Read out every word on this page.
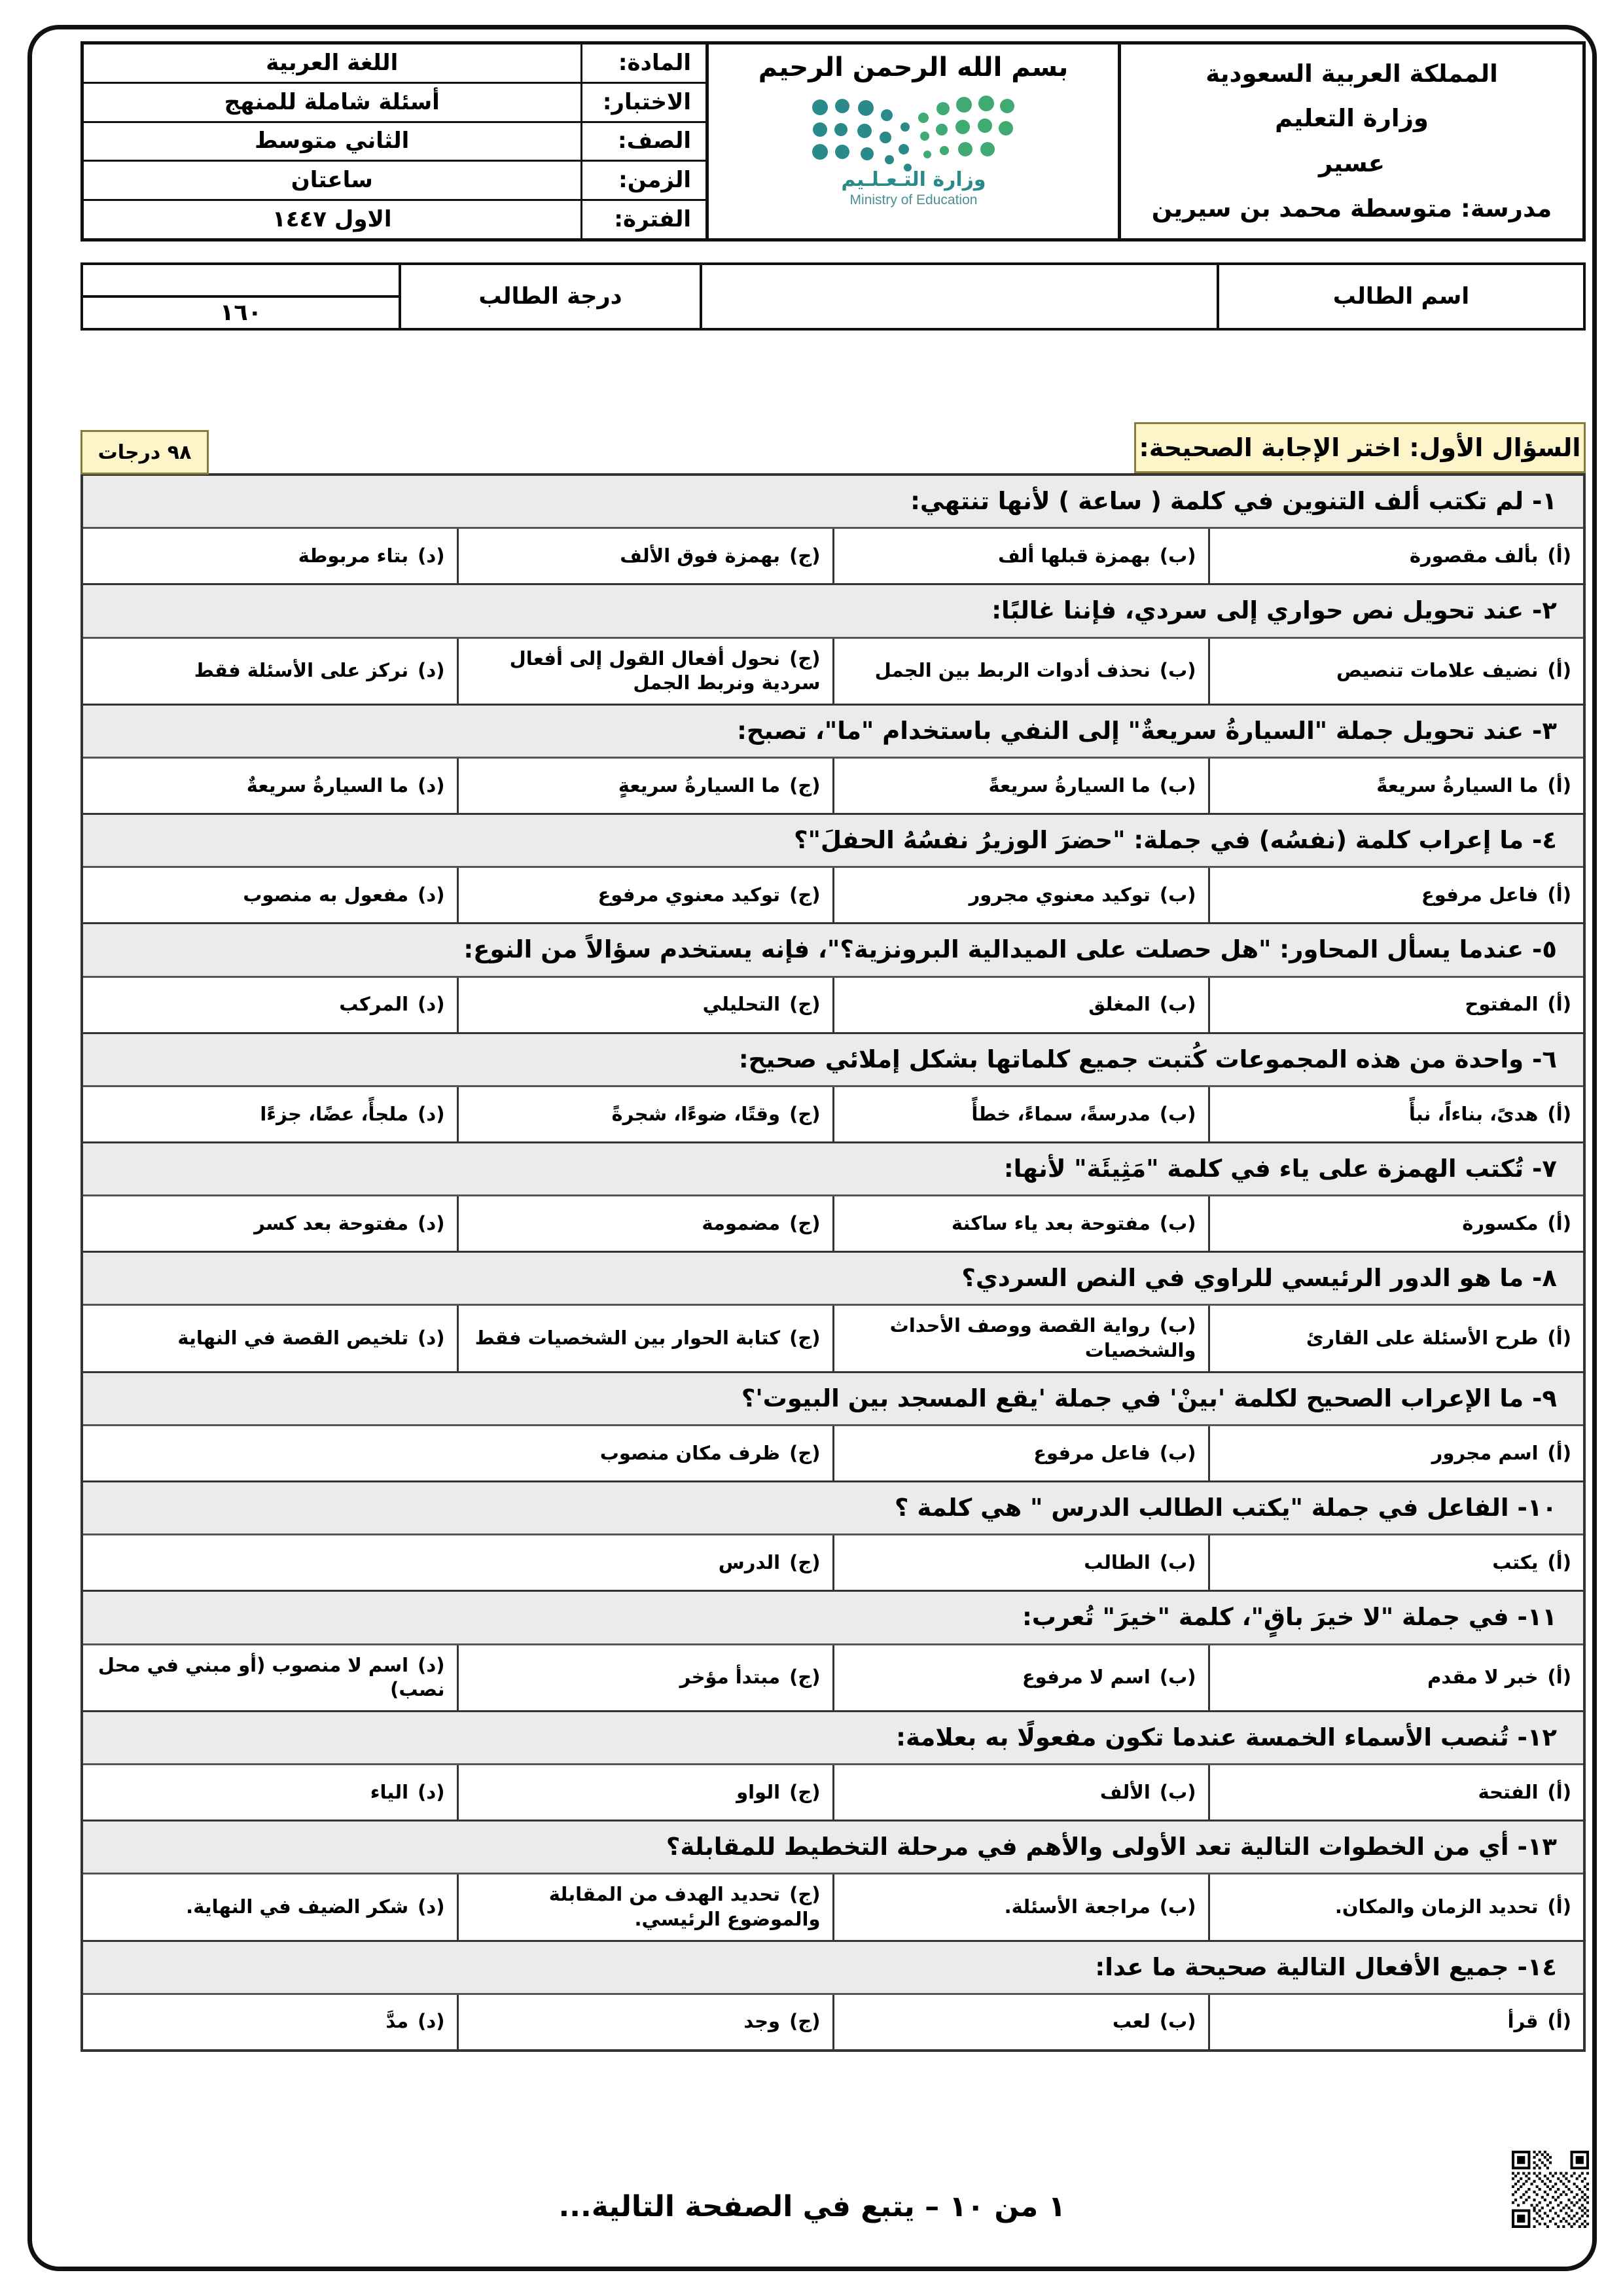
المملكة العربية السعودية
وزارة التعليم
عسير
مدرسة: متوسطة محمد بن سيرين
بسم الله الرحمن الرحيم
وزارة التـعـلـيم
Ministry of Education
المادة:	اللغة العربية
الاختبار:	أسئلة شاملة للمنهج
الصف:	الثاني متوسط
الزمن:	ساعتان
الفترة:	الاول ١٤٤٧
اسم الطالب		درجة الطالب	
١٦٠
السؤال الأول: اختر الإجابة الصحيحة:
٩٨ درجات
١- لم تكتب ألف التنوين في كلمة ( ساعة ) لأنها تنتهي:			
(أ)بألف مقصورة	(ب)بهمزة قبلها ألف	(ج)بهمزة فوق الألف	(د)بتاء مربوطة
٢- عند تحويل نص حواري إلى سردي، فإننا غالبًا:			
(أ)نضيف علامات تنصيص	(ب)نحذف أدوات الربط بين الجمل	(ج)نحول أفعال القول إلى أفعال سردية ونربط الجمل	(د)نركز على الأسئلة فقط
٣- عند تحويل جملة "السيارةُ سريعةٌ" إلى النفي باستخدام "ما"، تصبح:			
(أ)ما السيارةُ سريعةً	(ب)ما السيارةُ سريعةً	(ج)ما السيارةُ سريعةٍ	(د)ما السيارةُ سريعةٌ
٤- ما إعراب كلمة (نفسُه) في جملة: "حضرَ الوزيرُ نفسُهُ الحفلَ"؟			
(أ)فاعل مرفوع	(ب)توكيد معنوي مجرور	(ج)توكيد معنوي مرفوع	(د)مفعول به منصوب
٥- عندما يسأل المحاور: "هل حصلت على الميدالية البرونزية؟"، فإنه يستخدم سؤالاً من النوع:			
(أ)المفتوح	(ب)المغلق	(ج)التحليلي	(د)المركب
٦- واحدة من هذه المجموعات كُتبت جميع كلماتها بشكل إملائي صحيح:			
(أ)هدىً، بناءاً، نبأً	(ب)مدرسةً، سماءً، خطأً	(ج)وقتًا، ضوءًا، شجرةً	(د)ملجأً، عضًا، جزءًا
٧- تُكتب الهمزة على ياء في كلمة "مَثِيئَة" لأنها:			
(أ)مكسورة	(ب)مفتوحة بعد ياء ساكنة	(ج)مضمومة	(د)مفتوحة بعد كسر
٨- ما هو الدور الرئيسي للراوي في النص السردي؟			
(أ)طرح الأسئلة على القارئ	(ب)رواية القصة ووصف الأحداث والشخصيات	(ج)كتابة الحوار بين الشخصيات فقط	(د)تلخيص القصة في النهاية
٩- ما الإعراب الصحيح لكلمة 'بينْ' في جملة 'يقع المسجد بين البيوت'؟			
(أ)اسم مجرور	(ب)فاعل مرفوع	(ج)ظرف مكان منصوب	
١٠- الفاعل في جملة "يكتب الطالب الدرس " هي كلمة ؟			
(أ)يكتب	(ب)الطالب	(ج)الدرس	
١١- في جملة "لا خيرَ باقٍ"، كلمة "خيرَ" تُعرب:			
(أ)خبر لا مقدم	(ب)اسم لا مرفوع	(ج)مبتدأ مؤخر	(د)اسم لا منصوب (أو مبني في محل نصب)
١٢- تُنصب الأسماء الخمسة عندما تكون مفعولًا به بعلامة:			
(أ)الفتحة	(ب)الألف	(ج)الواو	(د)الياء
١٣- أي من الخطوات التالية تعد الأولى والأهم في مرحلة التخطيط للمقابلة؟			
(أ)تحديد الزمان والمكان.	(ب)مراجعة الأسئلة.	(ج)تحديد الهدف من المقابلة والموضوع الرئيسي.	(د)شكر الضيف في النهاية.
١٤- جميع الأفعال التالية صحيحة ما عدا:			
(أ)قرأ	(ب)لعب	(ج)وجد	(د)مدَّ
١ من ١٠ – يتبع في الصفحة التالية...
